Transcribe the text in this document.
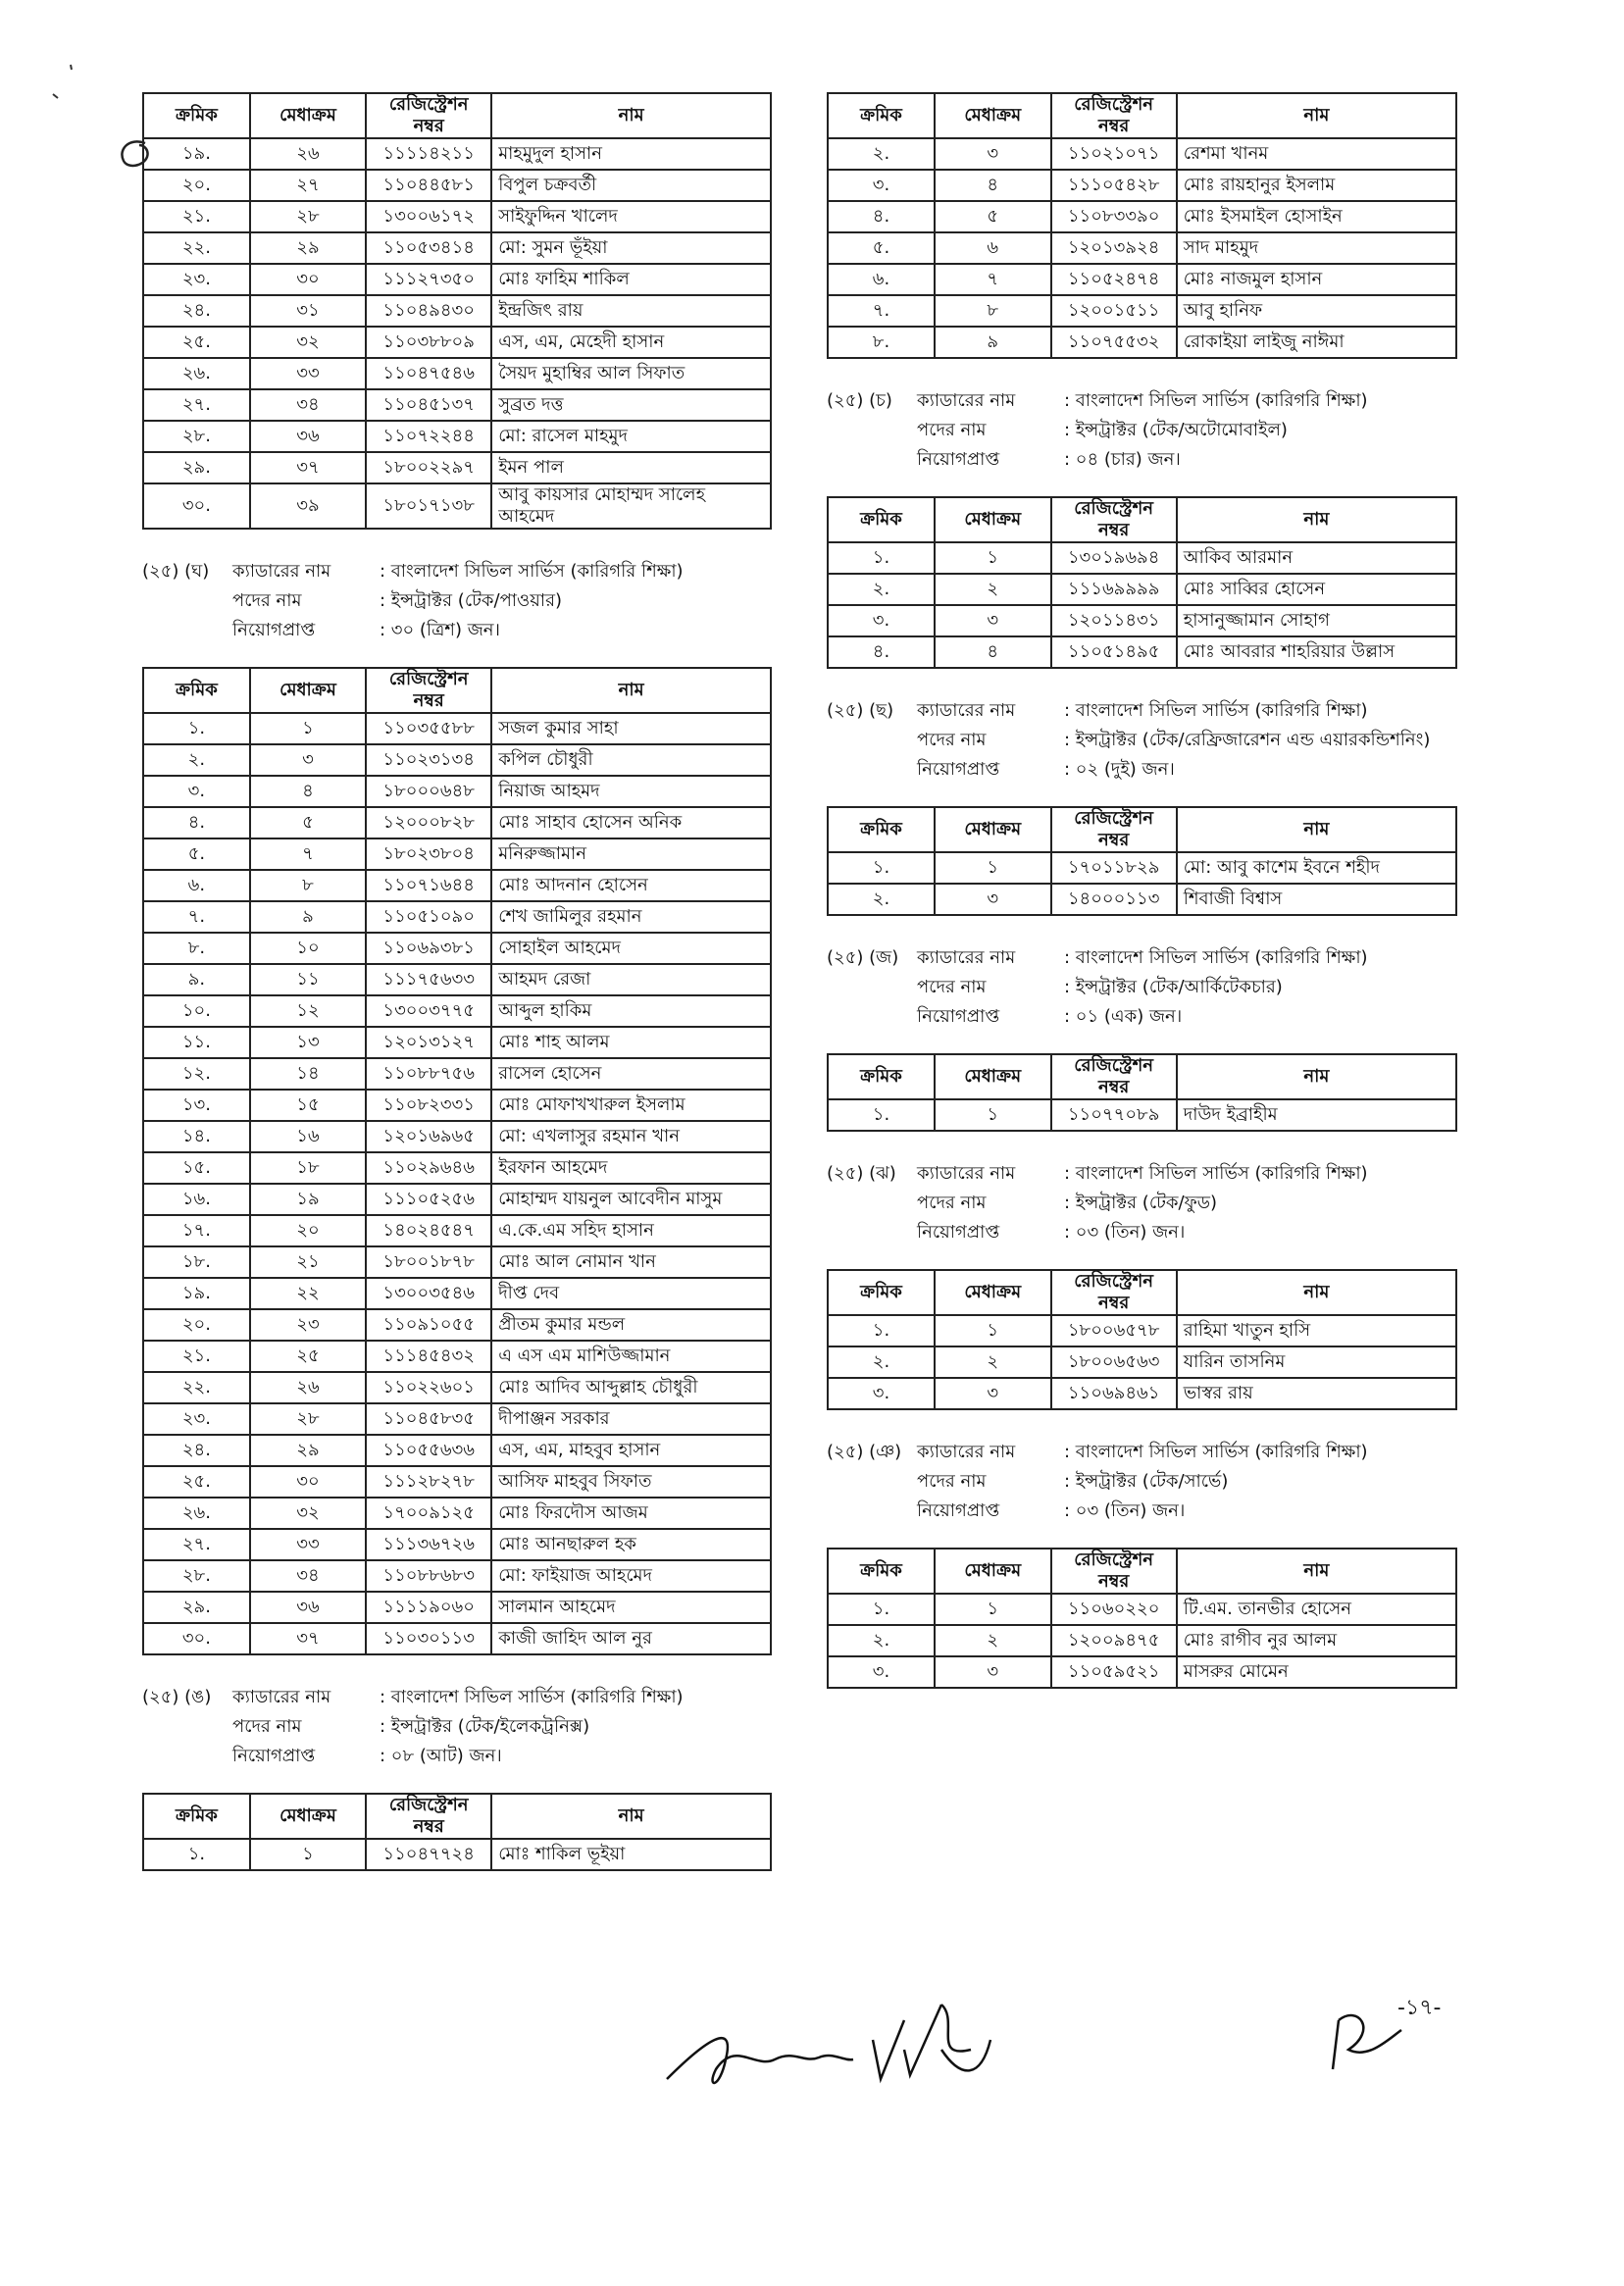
ক্রমিক	মেধাক্রম	রেজিস্ট্রেশন নম্বর	নাম
১৯.	২৬	১১১১৪২১১	মাহমুদুল হাসান
২০.	২৭	১১০৪৪৫৮১	বিপুল চক্রবর্তী
২১.	২৮	১৩০০৬১৭২	সাইফুদ্দিন খালেদ
২২.	২৯	১১০৫৩৪১৪	মো: সুমন ভূঁইয়া
২৩.	৩০	১১১২৭৩৫০	মোঃ ফাহিম শাকিল
২৪.	৩১	১১০৪৯৪৩০	ইন্দ্রজিৎ রায়
২৫.	৩২	১১০৩৮৮০৯	এস, এম, মেহেদী হাসান
২৬.	৩৩	১১০৪৭৫৪৬	সৈয়দ মুহাম্বির আল সিফাত
২৭.	৩৪	১১০৪৫১৩৭	সুব্রত দত্ত
২৮.	৩৬	১১০৭২২৪৪	মো: রাসেল মাহমুদ
২৯.	৩৭	১৮০০২২৯৭	ইমন পাল
৩০.	৩৯	১৮০১৭১৩৮	আবু কায়সার মোহাম্মদ সালেহ আহমেদ
(২৫) (ঘ)	ক্যাডারের নাম	: বাংলাদেশ সিভিল সার্ভিস (কারিগরি শিক্ষা)
পদের নাম	: ইন্সট্রাক্টর (টেক/পাওয়ার)
নিয়োগপ্রাপ্ত	: ৩০ (ত্রিশ) জন।
ক্রমিক	মেধাক্রম	রেজিস্ট্রেশন নম্বর	নাম
১.	১	১১০৩৫৫৮৮	সজল কুমার সাহা
২.	৩	১১০২৩১৩৪	কপিল চৌধুরী
৩.	৪	১৮০০০৬৪৮	নিয়াজ আহমদ
৪.	৫	১২০০০৮২৮	মোঃ সাহাব হোসেন অনিক
৫.	৭	১৮০২৩৮০৪	মনিরুজ্জামান
৬.	৮	১১০৭১৬৪৪	মোঃ আদনান হোসেন
৭.	৯	১১০৫১০৯০	শেখ জামিলুর রহমান
৮.	১০	১১০৬৯৩৮১	সোহাইল আহমেদ
৯.	১১	১১১৭৫৬৩৩	আহমদ রেজা
১০.	১২	১৩০০৩৭৭৫	আব্দুল হাকিম
১১.	১৩	১২০১৩১২৭	মোঃ শাহ আলম
১২.	১৪	১১০৮৮৭৫৬	রাসেল হোসেন
১৩.	১৫	১১০৮২৩৩১	মোঃ মোফাখখারুল ইসলাম
১৪.	১৬	১২০১৬৯৬৫	মো: এখলাসুর রহমান খান
১৫.	১৮	১১০২৯৬৪৬	ইরফান আহমেদ
১৬.	১৯	১১১০৫২৫৬	মোহাম্মদ যায়নুল আবেদীন মাসুম
১৭.	২০	১৪০২৪৫৪৭	এ.কে.এম সহিদ হাসান
১৮.	২১	১৮০০১৮৭৮	মোঃ আল নোমান খান
১৯.	২২	১৩০০৩৫৪৬	দীপ্ত দেব
২০.	২৩	১১০৯১০৫৫	প্রীতম কুমার মন্ডল
২১.	২৫	১১১৪৫৪৩২	এ এস এম মাশিউজ্জামান
২২.	২৬	১১০২২৬০১	মোঃ আদিব আব্দুল্লাহ চৌধুরী
২৩.	২৮	১১০৪৫৮৩৫	দীপাঞ্জন সরকার
২৪.	২৯	১১০৫৫৬৩৬	এস, এম, মাহবুব হাসান
২৫.	৩০	১১১২৮২৭৮	আসিফ মাহবুব সিফাত
২৬.	৩২	১৭০০৯১২৫	মোঃ ফিরদৌস আজম
২৭.	৩৩	১১১৩৬৭২৬	মোঃ আনছারুল হক
২৮.	৩৪	১১০৮৮৬৮৩	মো: ফাইয়াজ আহমেদ
২৯.	৩৬	১১১১৯০৬০	সালমান আহমেদ
৩০.	৩৭	১১০৩০১১৩	কাজী জাহিদ আল নুর
(২৫) (ঙ)	ক্যাডারের নাম	: বাংলাদেশ সিভিল সার্ভিস (কারিগরি শিক্ষা)
পদের নাম	: ইন্সট্রাক্টর (টেক/ইলেকট্রনিক্স)
নিয়োগপ্রাপ্ত	: ০৮ (আট) জন।
ক্রমিক	মেধাক্রম	রেজিস্ট্রেশন নম্বর	নাম
১.	১	১১০৪৭৭২৪	মোঃ শাকিল ভূইয়া
ক্রমিক	মেধাক্রম	রেজিস্ট্রেশন নম্বর	নাম
২.	৩	১১০২১০৭১	রেশমা খানম
৩.	৪	১১১০৫৪২৮	মোঃ রায়হানুর ইসলাম
৪.	৫	১১০৮৩৩৯০	মোঃ ইসমাইল হোসাইন
৫.	৬	১২০১৩৯২৪	সাদ মাহমুদ
৬.	৭	১১০৫২৪৭৪	মোঃ নাজমুল হাসান
৭.	৮	১২০০১৫১১	আবু হানিফ
৮.	৯	১১০৭৫৫৩২	রোকাইয়া লাইজু নাঈমা
(২৫) (চ)	ক্যাডারের নাম	: বাংলাদেশ সিভিল সার্ভিস (কারিগরি শিক্ষা)
পদের নাম	: ইন্সট্রাক্টর (টেক/অটোমোবাইল)
নিয়োগপ্রাপ্ত	: ০৪ (চার) জন।
ক্রমিক	মেধাক্রম	রেজিস্ট্রেশন নম্বর	নাম
১.	১	১৩০১৯৬৯৪	আকিব আরমান
২.	২	১১১৬৯৯৯৯	মোঃ সাব্বির হোসেন
৩.	৩	১২০১১৪৩১	হাসানুজ্জামান সোহাগ
৪.	৪	১১০৫১৪৯৫	মোঃ আবরার শাহরিয়ার উল্লাস
(২৫) (ছ)	ক্যাডারের নাম	: বাংলাদেশ সিভিল সার্ভিস (কারিগরি শিক্ষা)
পদের নাম	: ইন্সট্রাক্টর (টেক/রেফ্রিজারেশন এন্ড এয়ারকন্ডিশনিং)
নিয়োগপ্রাপ্ত	: ০২ (দুই) জন।
ক্রমিক	মেধাক্রম	রেজিস্ট্রেশন নম্বর	নাম
১.	১	১৭০১১৮২৯	মো: আবু কাশেম ইবনে শহীদ
২.	৩	১৪০০০১১৩	শিবাজী বিশ্বাস
(২৫) (জ)	ক্যাডারের নাম	: বাংলাদেশ সিভিল সার্ভিস (কারিগরি শিক্ষা)
পদের নাম	: ইন্সট্রাক্টর (টেক/আর্কিটেকচার)
নিয়োগপ্রাপ্ত	: ০১ (এক) জন।
ক্রমিক	মেধাক্রম	রেজিস্ট্রেশন নম্বর	নাম
১.	১	১১০৭৭০৮৯	দাউদ ইব্রাহীম
(২৫) (ঝ)	ক্যাডারের নাম	: বাংলাদেশ সিভিল সার্ভিস (কারিগরি শিক্ষা)
পদের নাম	: ইন্সট্রাক্টর (টেক/ফুড)
নিয়োগপ্রাপ্ত	: ০৩ (তিন) জন।
ক্রমিক	মেধাক্রম	রেজিস্ট্রেশন নম্বর	নাম
১.	১	১৮০০৬৫৭৮	রাহিমা খাতুন হাসি
২.	২	১৮০০৬৫৬৩	যারিন তাসনিম
৩.	৩	১১০৬৯৪৬১	ভাস্বর রায়
(২৫) (ঞ) ক্যাডারের নাম	: বাংলাদেশ সিভিল সার্ভিস (কারিগরি শিক্ষা)
পদের নাম	: ইন্সট্রাক্টর (টেক/সার্ভে)
নিয়োগপ্রাপ্ত	: ০৩ (তিন) জন।
ক্রমিক	মেধাক্রম	রেজিস্ট্রেশন নম্বর	নাম
১.	১	১১০৬০২২০	টি.এম. তানভীর হোসেন
২.	২	১২০০৯৪৭৫	মোঃ রাগীব নুর আলম
৩.	৩	১১০৫৯৫২১	মাসরুর মোমেন
-১৭-
